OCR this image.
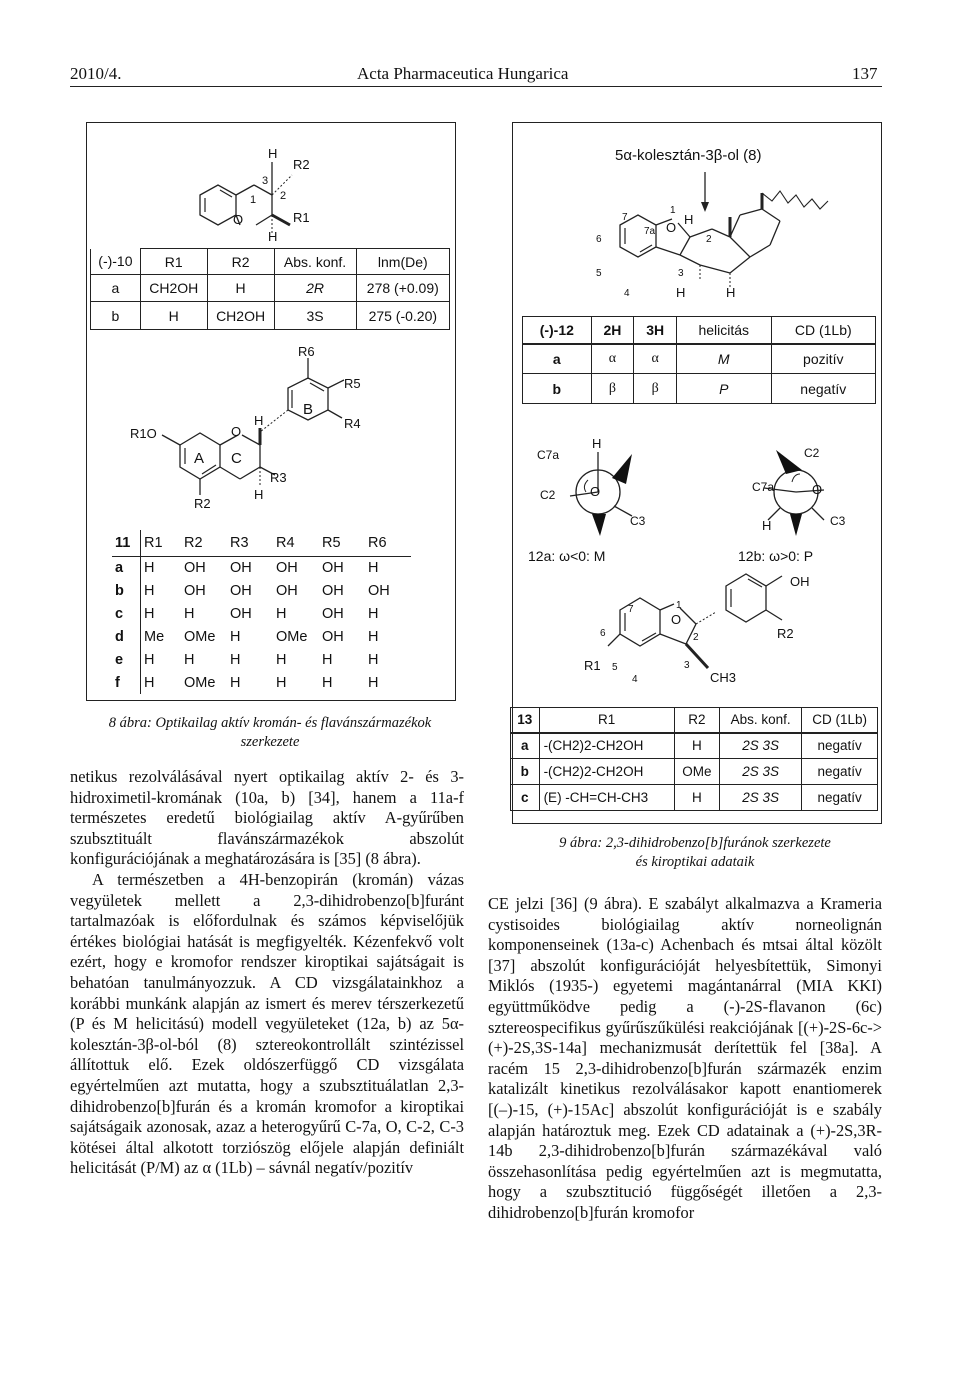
2010/4.	Acta Pharmaceutica Hungarica	137
H
R2
3
2
1
O	R1
H
(-)-10	R1	R2	Abs. konf.	lnm(De)
a	CH2OH	H	2R	278 (+0.09)
b	H	CH2OH	3S	275 (-0.20)
R6
R5
R4
B
R1O	O
H
A C
R3
H
R2
11	R1	R2	R3	R4	R5	R6
a	H	OH	OH	OH	OH	H
b	H	OH	OH	OH	OH	OH
c	H	H	OH	H	OH	H
d	Me	OMe	H	OMe	OH	H
e	H	H	H	H	H	H
f	H	OMe	H	H	H	H
8 ábra: Optikailag aktív kromán- és flavánszármazékok szerkezete

netikus rezolválásával nyert optikailag aktív 2- és 3-hidroximetil-kromának (10a, b) [34], hanem a 11a-f természetes eredetű biológiailag aktív A-gyűrűben szubsztituált flavánszármazékok abszolút konfigurációjának a meghatározására is [35] (8 ábra).

A természetben a 4H-benzopirán (kromán) vázas vegyületek mellett a 2,3-dihidrobenzo[b]furánt tartalmazóak is előfordulnak és számos képviselőjük értékes biológiai hatását is megfigyelték. Kézenfekvő volt ezért, hogy e kromofor rendszer kiroptikai sajátságait is behatóan tanulmányozzuk. A CD vizsgálatainkhoz a korábbi munkánk alapján az ismert és merev térszerkezetű (P és M helicitású) modell vegyületeket (12a, b) az 5α-kolesztán-3β-ol-ból (8) sztereokontrollált szintézissel állítottuk elő. Ezek oldószerfüggő CD vizsgálata egyértelműen azt mutatta, hogy a szubsztituálatlan 2,3-dihidrobenzo[b]furán és a kromán kromofor a kiroptikai sajátságaik azonosak, azaz a heterogyűrű C-7a, O, C-2, C-3 kötései által alkotott torziószög előjele alapján definiált helicitását (P/M) az α (1Lb) – sávnál negatív/pozitív

5α-kolesztán-3β-ol (8)
6
7
7a O
H
1
2
5
4
3
H	H
(-)-12	2H	3H	helicitás	CD (1Lb)
a	α	α	M	pozitív
b	β	β	P	negatív
C7a
H
C2	O
C3
12a: ω<0: M
C2
C7a	O
H	C3
12b: ω>0: P
OH
7	1
6
O
2	R2
R1 5	3
4	CH3
13	R1	R2	Abs. konf.	CD (1Lb)
a	-(CH2)2-CH2OH	H	2S 3S	negatív
b	-(CH2)2-CH2OH	OMe	2S 3S	negatív
c	(E) -CH=CH-CH3	H	2S 3S	negatív
9 ábra: 2,3-dihidrobenzo[b]furánok szerkezete
és kiroptikai adataik

CE jelzi [36] (9 ábra). E szabályt alkalmazva a Krameria cystisoides biológiailag aktív norneolignán komponenseinek (13a-c) Achenbach és mtsai által közölt [37] abszolút konfigurációját helyesbítettük, Simonyi Miklós (1935-) egyetemi magántanárral (MIA KKI) együttműködve pedig a (-)-2S-flavanon (6c) sztereospecifikus gyűrűszűkülési reakciójának [(+)-2S-6c-> (+)-2S,3S-14a] mechanizmusát derítettük fel [38a]. A racém 15 2,3-dihidrobenzo[b]furán származék enzim katalizált kinetikus rezolválásakor kapott enantiomerek [(–)-15, (+)-15Ac] abszolút konfigurációját is e szabály alapján határoztuk meg. Ezek CD adatainak a (+)-2S,3R-14b 2,3-dihidrobenzo[b]furán származékával való összehasonlítása pedig egyértelműen azt is megmutatta, hogy a szubsztitució függőségét illetően a 2,3-dihidrobenzo[b]furán kromofor
